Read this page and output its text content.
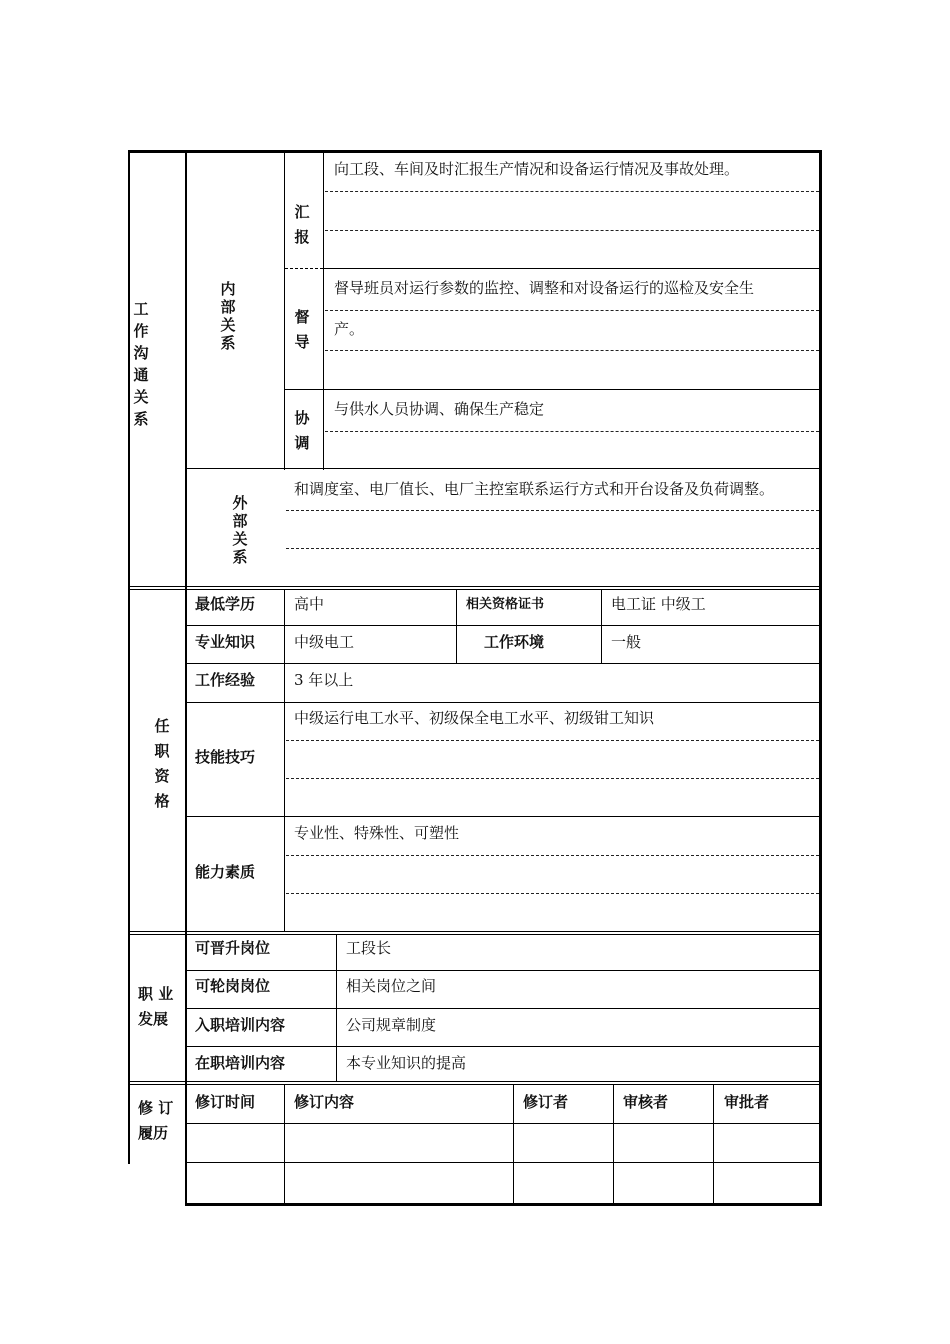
工作沟通关系
内部关系
汇报
向工段、车间及时汇报生产情况和设备运行情况及事故处理。
督导
督导班员对运行参数的监控、调整和对设备运行的巡检及安全生
产。
协调
与供水人员协调、确保生产稳定
外部关系
和调度室、电厂值长、电厂主控室联系运行方式和开台设备及负荷调整。
任职资格
最低学历	高中	相关资格证书	电工证 中级工
专业知识	中级电工	工作环境	一般
工作经验	3 年以上
技能技巧
中级运行电工水平、初级保全电工水平、初级钳工知识
能力素质
专业性、特殊性、可塑性
职 业
发展
可晋升岗位	工段长
可轮岗岗位	相关岗位之间
入职培训内容	公司规章制度
在职培训内容	本专业知识的提高
修 订
履历
修订时间	修订内容	修订者	审核者	审批者
